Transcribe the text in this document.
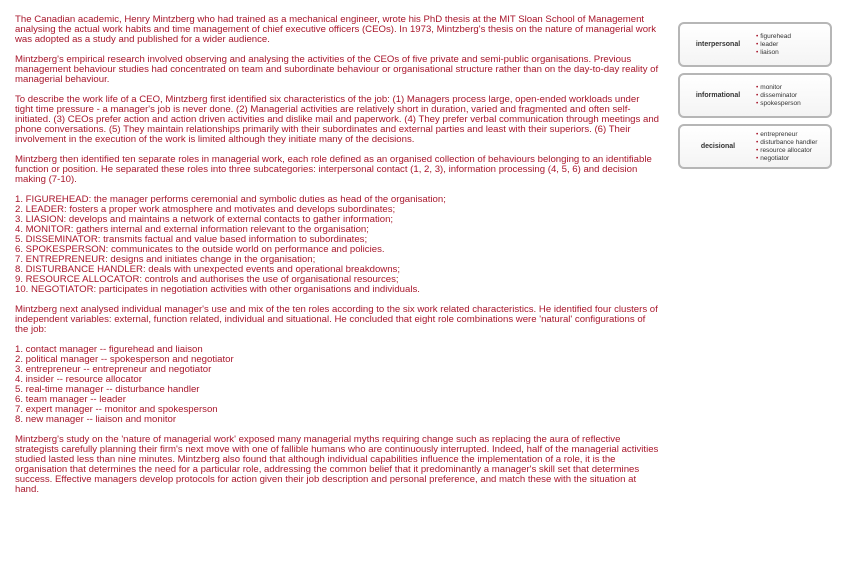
The Canadian academic, Henry Mintzberg who had trained as a mechanical engineer, wrote his PhD thesis at the MIT Sloan School of Management analysing the actual work habits and time management of chief executive officers (CEOs). In 1973, Mintzberg's thesis on the nature of managerial work was adopted as a study and published for a wider audience.

Mintzberg's empirical research involved observing and analysing the activities of the CEOs of five private and semi-public organisations. Previous management behaviour studies had concentrated on team and subordinate behaviour or organisational structure rather than on the day-to-day reality of managerial behaviour.

To describe the work life of a CEO, Mintzberg first identified six characteristics of the job: (1) Managers process large, open-ended workloads under tight time pressure - a manager's job is never done. (2) Managerial activities are relatively short in duration, varied and fragmented and often self-initiated. (3) CEOs prefer action and action driven activities and dislike mail and paperwork. (4) They prefer verbal communication through meetings and phone conversations. (5) They maintain relationships primarily with their subordinates and external parties and least with their superiors. (6) Their involvement in the execution of the work is limited although they initiate many of the decisions.

Mintzberg then identified ten separate roles in managerial work, each role defined as an organised collection of behaviours belonging to an identifiable function or position. He separated these roles into three subcategories: interpersonal contact (1, 2, 3), information processing (4, 5, 6) and decision making (7-10).

1. FIGUREHEAD: the manager performs ceremonial and symbolic duties as head of the organisation;
2. LEADER: fosters a proper work atmosphere and motivates and develops subordinates;
3. LIASION: develops and maintains a network of external contacts to gather information;
4. MONITOR: gathers internal and external information relevant to the organisation;
5. DISSEMINATOR: transmits factual and value based information to subordinates;
6. SPOKESPERSON: communicates to the outside world on performance and policies.
7. ENTREPRENEUR: designs and initiates change in the organisation;
8. DISTURBANCE HANDLER: deals with unexpected events and operational breakdowns;
9. RESOURCE ALLOCATOR: controls and authorises the use of organisational resources;
10. NEGOTIATOR: participates in negotiation activities with other organisations and individuals.

Mintzberg next analysed individual manager's use and mix of the ten roles according to the six work related characteristics. He identified four clusters of independent variables: external, function related, individual and situational. He concluded that eight role combinations were 'natural' configurations of the job:

1. contact manager -- figurehead and liaison
2. political manager -- spokesperson and negotiator
3. entrepreneur -- entrepreneur and negotiator
4. insider -- resource allocator
5. real-time manager -- disturbance handler
6. team manager -- leader
7. expert manager -- monitor and spokesperson
8. new manager -- liaison and monitor

Mintzberg's study on the 'nature of managerial work' exposed many managerial myths requiring change such as replacing the aura of reflective strategists carefully planning their firm's next move with one of fallible humans who are continuously interrupted. Indeed, half of the managerial activities studied lasted less than nine minutes. Mintzberg also found that although individual capabilities influence the implementation of a role, it is the organisation that determines the need for a particular role, addressing the common belief that it predominantly a manager's skill set that determines success. Effective managers develop protocols for action given their job description and personal preference, and match these with the situation at hand.

interpersonal
• figurehead
• leader
• liaison
informational
• monitor
• disseminator
• spokesperson
decisional
• entrepreneur
• disturbance handler
• resource allocator
• negotiator
